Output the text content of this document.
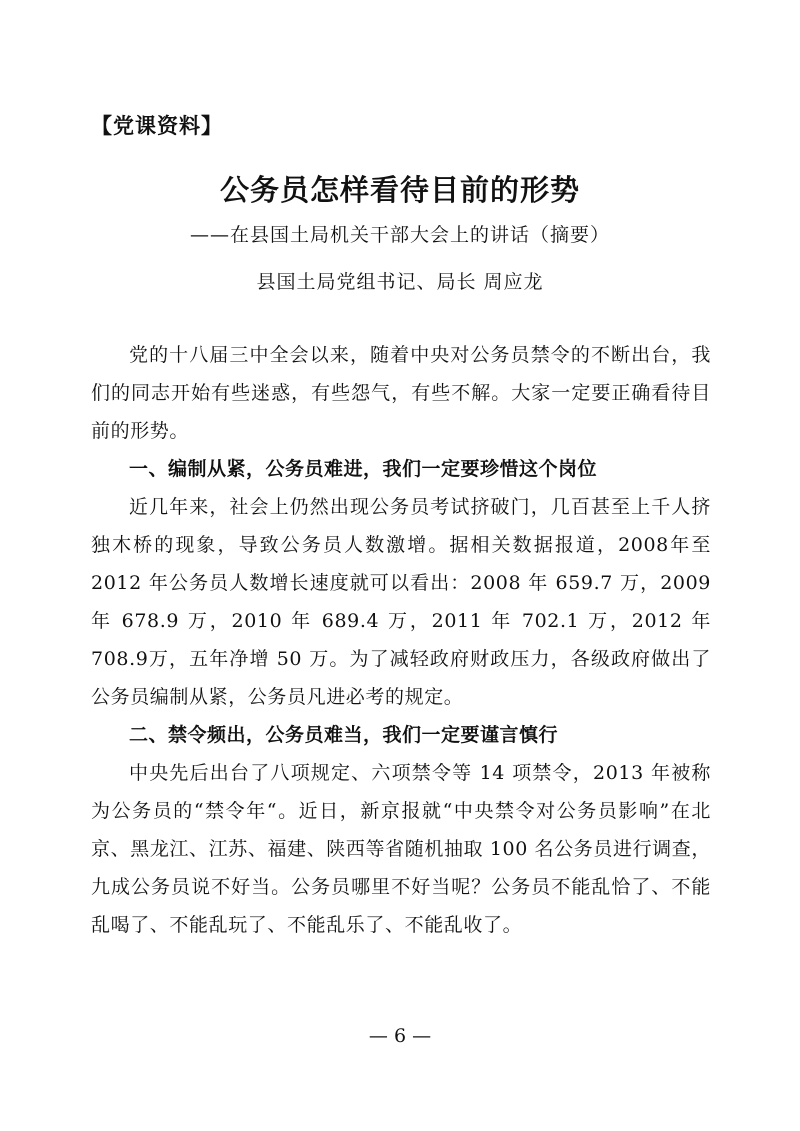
【党课资料】
公务员怎样看待目前的形势
——在县国土局机关干部大会上的讲话（摘要）
县国土局党组书记、局长 周应龙

党的十八届三中全会以来，随着中央对公务员禁令的不断出台，我们的同志开始有些迷惑，有些怨气，有些不解。大家一定要正确看待目前的形势。

一、编制从紧，公务员难进，我们一定要珍惜这个岗位

近几年来，社会上仍然出现公务员考试挤破门，几百甚至上千人挤独木桥的现象，导致公务员人数激增。据相关数据报道，2008年至 2012 年公务员人数增长速度就可以看出：2008 年 659.7 万，2009 年 678.9 万，2010 年 689.4 万，2011 年 702.1 万，2012 年 708.9万，五年净增 50 万。为了减轻政府财政压力，各级政府做出了公务员编制从紧，公务员凡进必考的规定。

二、禁令频出，公务员难当，我们一定要谨言慎行

中央先后出台了八项规定、六项禁令等 14 项禁令，2013 年被称为公务员的“禁令年“。近日，新京报就“中央禁令对公务员影响”在北京、黑龙江、江苏、福建、陕西等省随机抽取 100 名公务员进行调查，九成公务员说不好当。公务员哪里不好当呢？公务员不能乱恰了、不能乱喝了、不能乱玩了、不能乱乐了、不能乱收了。

— 6 —
